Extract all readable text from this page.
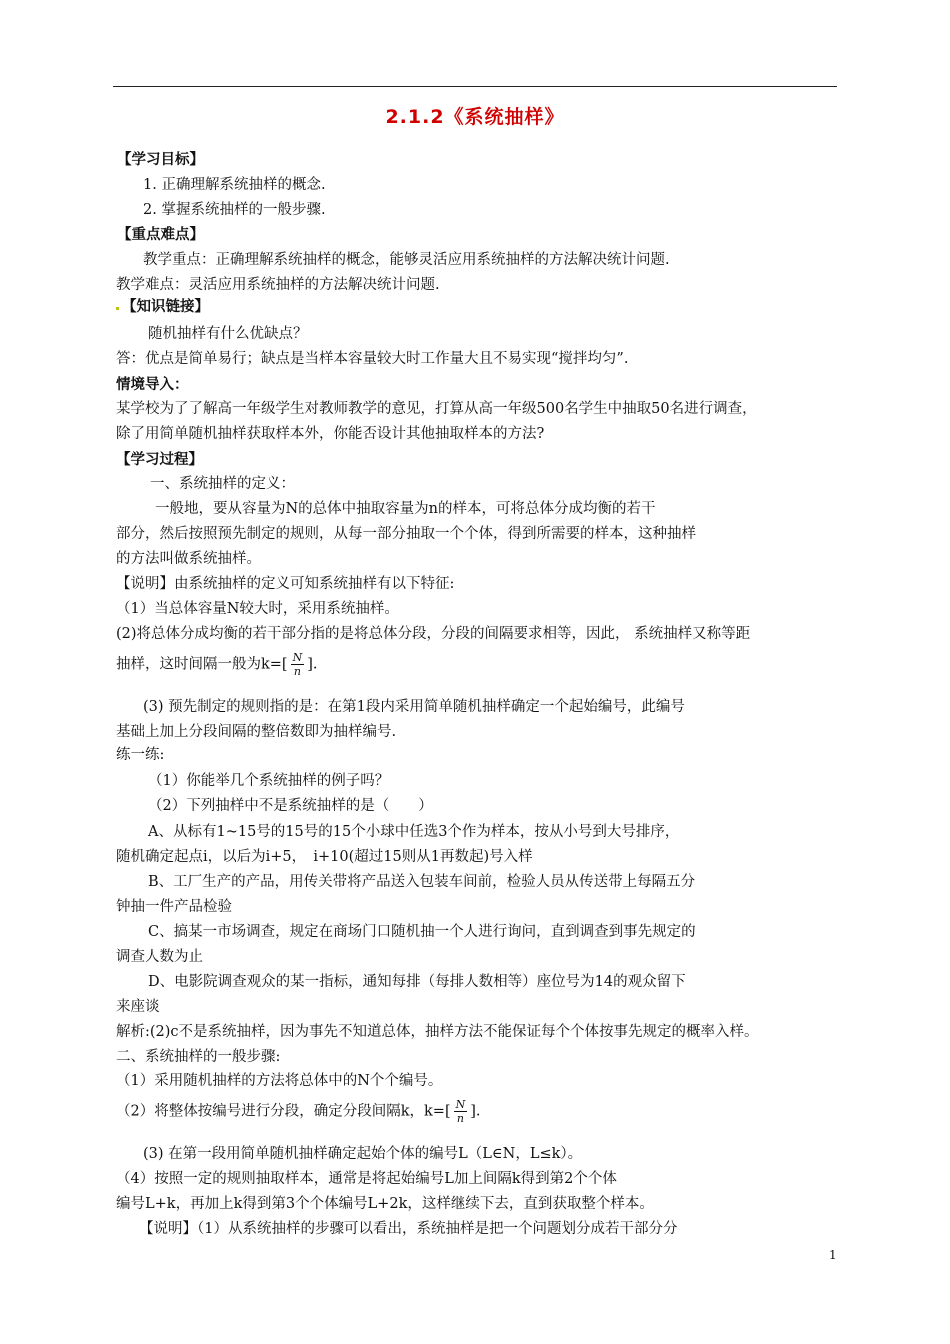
2.1.2《系统抽样》
【学习目标】
1. 正确理解系统抽样的概念.
2. 掌握系统抽样的一般步骤.
【重点难点】
教学重点：正确理解系统抽样的概念，能够灵活应用系统抽样的方法解决统计问题.
教学难点：灵活应用系统抽样的方法解决统计问题.
【知识链接】
随机抽样有什么优缺点？
答：优点是简单易行；缺点是当样本容量较大时工作量大且不易实现“搅拌均匀”.
情境导入：
某学校为了了解高一年级学生对教师教学的意见，打算从高一年级500名学生中抽取50名进行调查，
除了用简单随机抽样获取样本外，你能否设计其他抽取样本的方法?
【学习过程】
一、系统抽样的定义：
一般地，要从容量为N的总体中抽取容量为n的样本，可将总体分成均衡的若干
部分，然后按照预先制定的规则，从每一部分抽取一个个体，得到所需要的样本，这种抽样
的方法叫做系统抽样。
【说明】由系统抽样的定义可知系统抽样有以下特征:
（1）当总体容量N较大时，采用系统抽样。
(2)将总体分成均衡的若干部分指的是将总体分段，分段的间隔要求相等，因此， 系统抽样又称等距
抽样，这时间隔一般为$k=[ \frac{N}{n}$ ].
(3) 预先制定的规则指的是：在第1段内采用简单随机抽样确定一个起始编号，此编号
基础上加上分段间隔的整倍数即为抽样编号.
练一练:
（1）你能举几个系统抽样的例子吗？
（2）下列抽样中不是系统抽样的是（　　）
A、从标有1~15号的15号的15个小球中任选3个作为样本，按从小号到大号排序，
随机确定起点i，以后为i+5，　i+10(超过15则从1再数起)号入样
B、工厂生产的产品，用传关带将产品送入包装车间前，检验人员从传送带上每隔五分
钟抽一件产品检验
C、搞某一市场调查，规定在商场门口随机抽一个人进行询问，直到调查到事先规定的
调查人数为止
D、电影院调查观众的某一指标，通知每排（每排人数相等）座位号为14的观众留下
来座谈
解析:(2)c不是系统抽样，因为事先不知道总体，抽样方法不能保证每个个体按事先规定的概率入样。
二、系统抽样的一般步骤:
（1）采用随机抽样的方法将总体中的N个个编号。
（2）将整体按编号进行分段，确定分段间隔k，$k=[ \frac{N}{n}$ ].
(3) 在第一段用简单随机抽样确定起始个体的编号L（L∈N，L≤k）。
（4）按照一定的规则抽取样本，通常是将起始编号L加上间隔k得到第2个个体
编号L+k，再加上k得到第3个个体编号L+2k，这样继续下去，直到获取整个样本。
【说明】（1）从系统抽样的步骤可以看出，系统抽样是把一个问题划分成若干部分分
1
